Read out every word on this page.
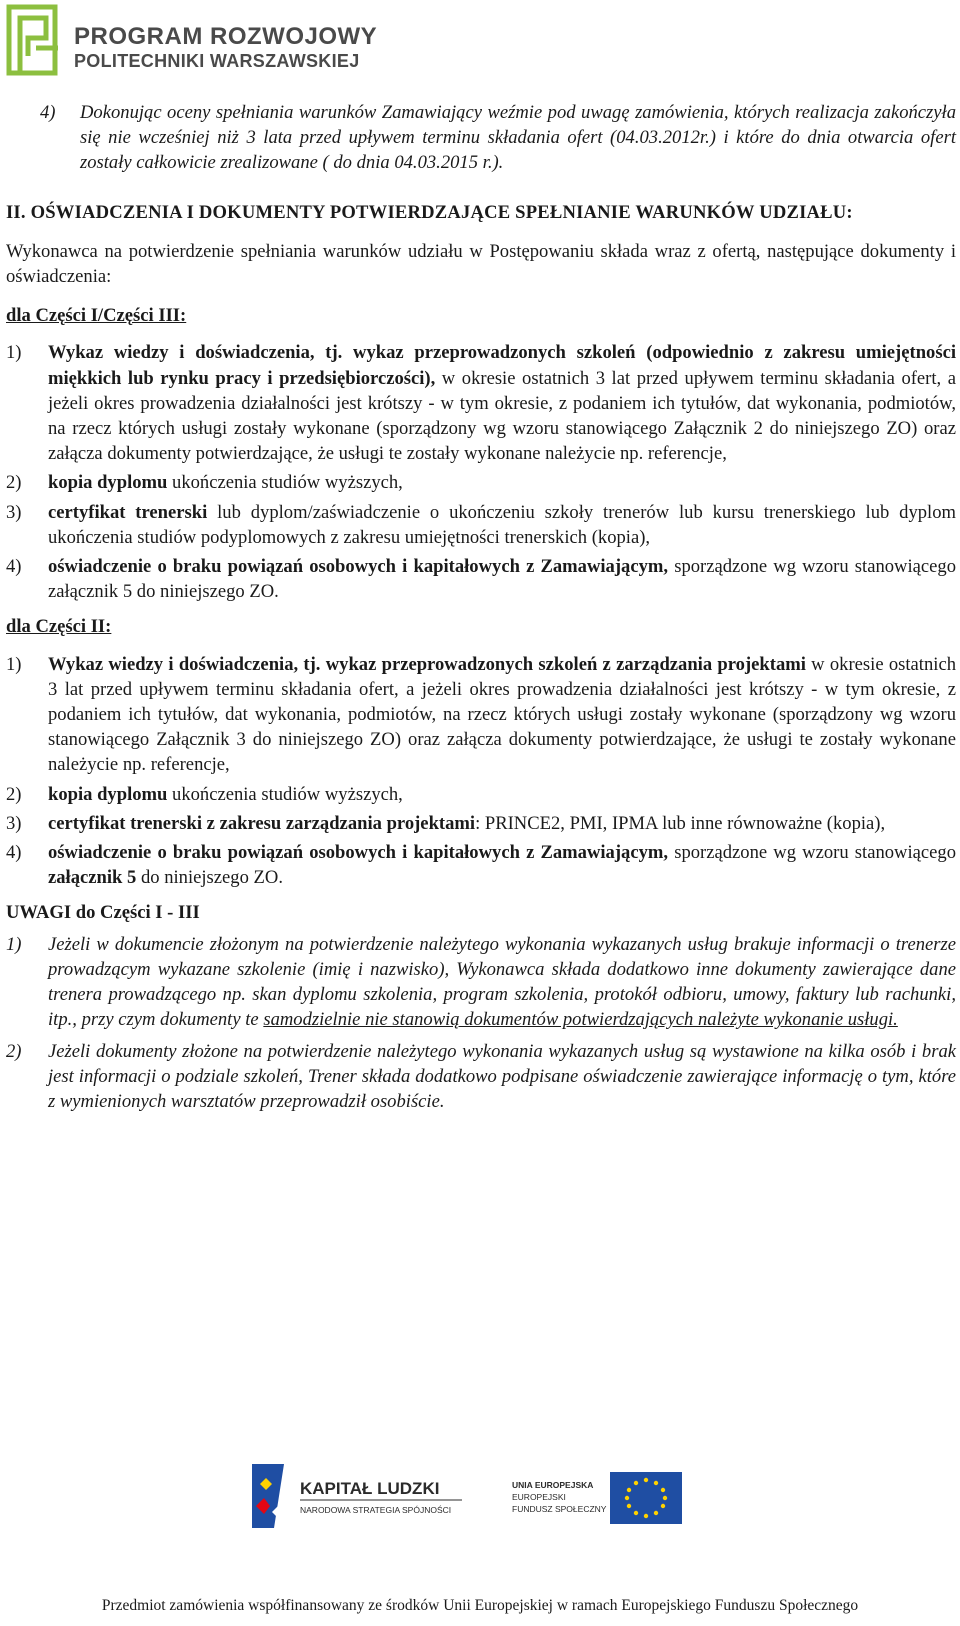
PROGRAM ROZWOJOWY
POLITECHNIKI WARSZAWSKIEJ
4) Dokonując oceny spełniania warunków Zamawiający weźmie pod uwagę zamówienia, których realizacja zakończyła się nie wcześniej niż 3 lata przed upływem terminu składania ofert (04.03.2012r.) i które do dnia otwarcia ofert zostały całkowicie zrealizowane ( do dnia 04.03.2015 r.).
II. OŚWIADCZENIA I DOKUMENTY POTWIERDZAJĄCE SPEŁNIANIE WARUNKÓW UDZIAŁU:
Wykonawca na potwierdzenie spełniania warunków udziału w Postępowaniu składa wraz z ofertą, następujące dokumenty i oświadczenia:
dla Części I/Części III:
1) Wykaz wiedzy i doświadczenia, tj. wykaz przeprowadzonych szkoleń (odpowiednio z zakresu umiejętności miękkich lub rynku pracy i przedsiębiorczości), w okresie ostatnich 3 lat przed upływem terminu składania ofert, a jeżeli okres prowadzenia działalności jest krótszy - w tym okresie, z podaniem ich tytułów, dat wykonania, podmiotów, na rzecz których usługi zostały wykonane (sporządzony wg wzoru stanowiącego Załącznik 2 do niniejszego ZO) oraz załącza dokumenty potwierdzające, że usługi te zostały wykonane należycie np. referencje,
2) kopia dyplomu ukończenia studiów wyższych,
3) certyfikat trenerski lub dyplom/zaświadczenie o ukończeniu szkoły trenerów lub kursu trenerskiego lub dyplom ukończenia studiów podyplomowych z zakresu umiejętności trenerskich (kopia),
4) oświadczenie o braku powiązań osobowych i kapitałowych z Zamawiającym, sporządzone wg wzoru stanowiącego załącznik 5 do niniejszego ZO.
dla Części II:
1) Wykaz wiedzy i doświadczenia, tj. wykaz przeprowadzonych szkoleń z zarządzania projektami w okresie ostatnich 3 lat przed upływem terminu składania ofert, a jeżeli okres prowadzenia działalności jest krótszy - w tym okresie, z podaniem ich tytułów, dat wykonania, podmiotów, na rzecz których usługi zostały wykonane (sporządzony wg wzoru stanowiącego Załącznik 3 do niniejszego ZO) oraz załącza dokumenty potwierdzające, że usługi te zostały wykonane należycie np. referencje,
2) kopia dyplomu ukończenia studiów wyższych,
3) certyfikat trenerski z zakresu zarządzania projektami: PRINCE2, PMI, IPMA lub inne równoważne (kopia),
4) oświadczenie o braku powiązań osobowych i kapitałowych z Zamawiającym, sporządzone wg wzoru stanowiącego załącznik 5 do niniejszego ZO.
UWAGI do Części I - III
1) Jeżeli w dokumencie złożonym na potwierdzenie należytego wykonania wykazanych usług brakuje informacji o trenerze prowadzącym wykazane szkolenie (imię i nazwisko), Wykonawca składa dodatkowo inne dokumenty zawierające dane trenera prowadzącego np. skan dyplomu szkolenia, program szkolenia, protokół odbioru, umowy, faktury lub rachunki, itp., przy czym dokumenty te samodzielnie nie stanowią dokumentów potwierdzających należyte wykonanie usługi.
2) Jeżeli dokumenty złożone na potwierdzenie należytego wykonania wykazanych usług są wystawione na kilka osób i brak jest informacji o podziale szkoleń, Trener składa dodatkowo podpisane oświadczenie zawierające informację o tym, które z wymienionych warsztatów przeprowadził osobiście.
KAPITAŁ LUDZKI
NARODOWA STRATEGIA SPÓJNOŚCI
UNIA EUROPEJSKA
EUROPEJSKI
FUNDUSZ SPOŁECZNY
Przedmiot zamówienia współfinansowany ze środków Unii Europejskiej w ramach Europejskiego Funduszu Społecznego
